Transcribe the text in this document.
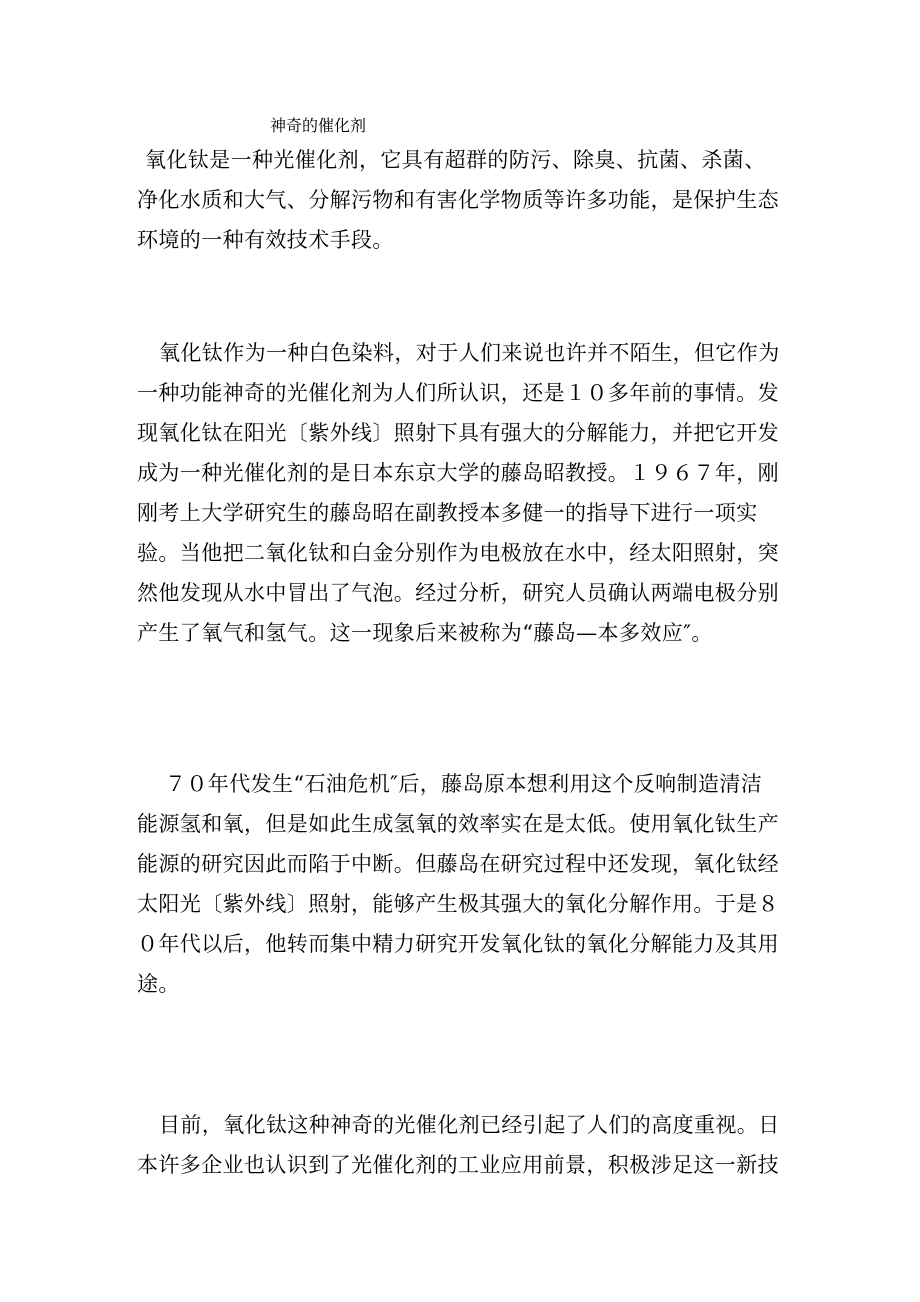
神奇的催化剂
氧化钛是一种光催化剂，它具有超群的防污、除臭、抗菌、杀菌、
净化水质和大气、分解污物和有害化学物质等许多功能，是保护生态
环境的一种有效技术手段。
氧化钛作为一种白色染料，对于人们来说也许并不陌生，但它作为
一种功能神奇的光催化剂为人们所认识，还是１０多年前的事情。发
现氧化钛在阳光〔紫外线〕照射下具有强大的分解能力，并把它开发
成为一种光催化剂的是日本东京大学的藤岛昭教授。１９６７年，刚
刚考上大学研究生的藤岛昭在副教授本多健一的指导下进行一项实
验。当他把二氧化钛和白金分别作为电极放在水中，经太阳照射，突
然他发现从水中冒出了气泡。经过分析，研究人员确认两端电极分别
产生了氧气和氢气。这一现象后来被称为“藤岛—本多效应″。
７０年代发生“石油危机″后，藤岛原本想利用这个反响制造清洁
能源氢和氧，但是如此生成氢氧的效率实在是太低。使用氧化钛生产
能源的研究因此而陷于中断。但藤岛在研究过程中还发现，氧化钛经
太阳光〔紫外线〕照射，能够产生极其强大的氧化分解作用。于是８
０年代以后，他转而集中精力研究开发氧化钛的氧化分解能力及其用
途。
目前，氧化钛这种神奇的光催化剂已经引起了人们的高度重视。日
本许多企业也认识到了光催化剂的工业应用前景，积极涉足这一新技
